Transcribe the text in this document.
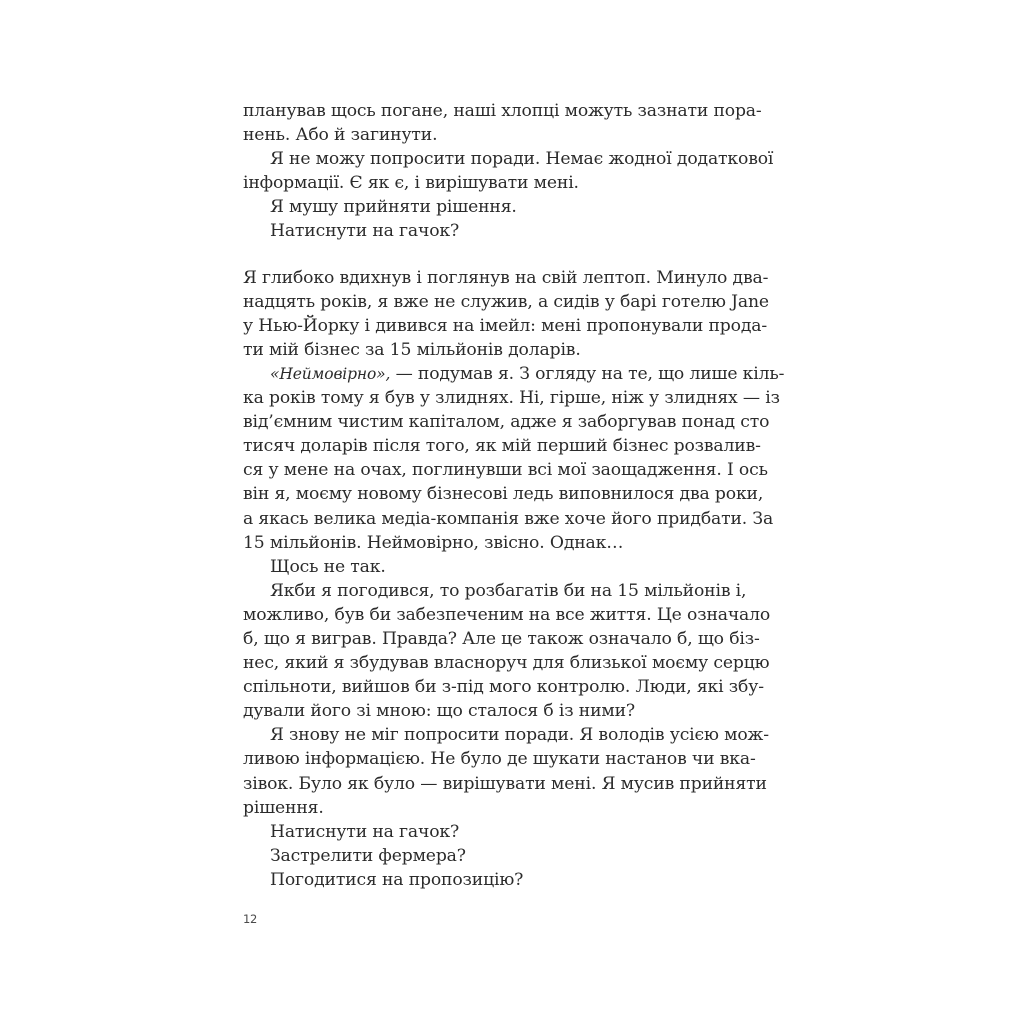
планував щось погане, наші хлопці можуть зазнати пора-
нень. Або й загинути.
Я не можу попросити поради. Немає жодної додаткової
інформації. Є як є, і вирішувати мені.
Я мушу прийняти рішення.
Натиснути на гачок?
Я глибоко вдихнув і поглянув на свій лептоп. Минуло два-
надцять років, я вже не служив, а сидів у барі готелю Jane
у Нью-Йорку і дивився на імейл: мені пропонували прода-
ти мій бізнес за 15 мільйонів доларів.
«Неймовірно», — подумав я. З огляду на те, що лише кіль-
ка років тому я був у злиднях. Ні, гірше, ніж у злиднях — із
від’ємним чистим капіталом, адже я заборгував понад сто
тисяч доларів після того, як мій перший бізнес розвалив-
ся у мене на очах, поглинувши всі мої заощадження. І ось
він я, моєму новому бізнесові ледь виповнилося два роки,
а якась велика медіа-компанія вже хоче його придбати. За
15 мільйонів. Неймовірно, звісно. Однак…
Щось не так.
Якби я погодився, то розбагатів би на 15 мільйонів і,
можливо, був би забезпеченим на все життя. Це означало
б, що я виграв. Правда? Але це також означало б, що біз-
нес, який я збудував власноруч для близької моєму серцю
спільноти, вийшов би з-під мого контролю. Люди, які збу-
дували його зі мною: що сталося б із ними?
Я знову не міг попросити поради. Я володів усією мож-
ливою інформацією. Не було де шукати настанов чи вка-
зівок. Було як було — вирішувати мені. Я мусив прийняти
рішення.
Натиснути на гачок?
Застрелити фермера?
Погодитися на пропозицію?
12
